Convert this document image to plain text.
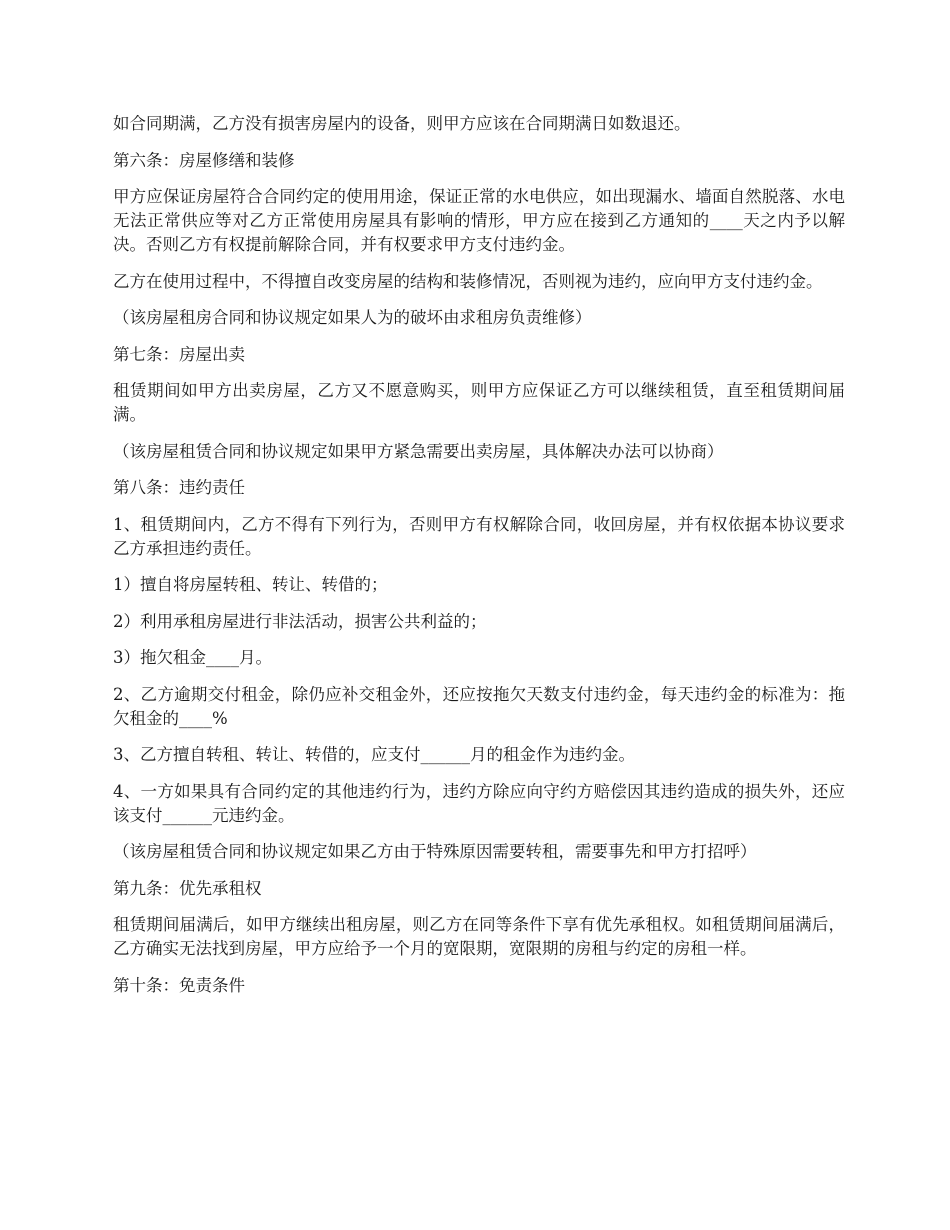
如合同期满，乙方没有损害房屋内的设备，则甲方应该在合同期满日如数退还。

第六条：房屋修缮和装修

甲方应保证房屋符合合同约定的使用用途，保证正常的水电供应，如出现漏水、墙面自然脱落、水电无法正常供应等对乙方正常使用房屋具有影响的情形，甲方应在接到乙方通知的____天之内予以解决。否则乙方有权提前解除合同，并有权要求甲方支付违约金。

乙方在使用过程中，不得擅自改变房屋的结构和装修情况，否则视为违约，应向甲方支付违约金。

（该房屋租房合同和协议规定如果人为的破坏由求租房负责维修）

第七条：房屋出卖

租赁期间如甲方出卖房屋，乙方又不愿意购买，则甲方应保证乙方可以继续租赁，直至租赁期间届满。

（该房屋租赁合同和协议规定如果甲方紧急需要出卖房屋，具体解决办法可以协商）

第八条：违约责任

1、租赁期间内，乙方不得有下列行为，否则甲方有权解除合同，收回房屋，并有权依据本协议要求乙方承担违约责任。

1）擅自将房屋转租、转让、转借的；

2）利用承租房屋进行非法活动，损害公共利益的；

3）拖欠租金____月。

2、乙方逾期交付租金，除仍应补交租金外，还应按拖欠天数支付违约金，每天违约金的标准为：拖欠租金的____%

3、乙方擅自转租、转让、转借的，应支付______月的租金作为违约金。

4、一方如果具有合同约定的其他违约行为，违约方除应向守约方赔偿因其违约造成的损失外，还应该支付______元违约金。

（该房屋租赁合同和协议规定如果乙方由于特殊原因需要转租，需要事先和甲方打招呼）

第九条：优先承租权

租赁期间届满后，如甲方继续出租房屋，则乙方在同等条件下享有优先承租权。如租赁期间届满后，乙方确实无法找到房屋，甲方应给予一个月的宽限期，宽限期的房租与约定的房租一样。

第十条：免责条件
